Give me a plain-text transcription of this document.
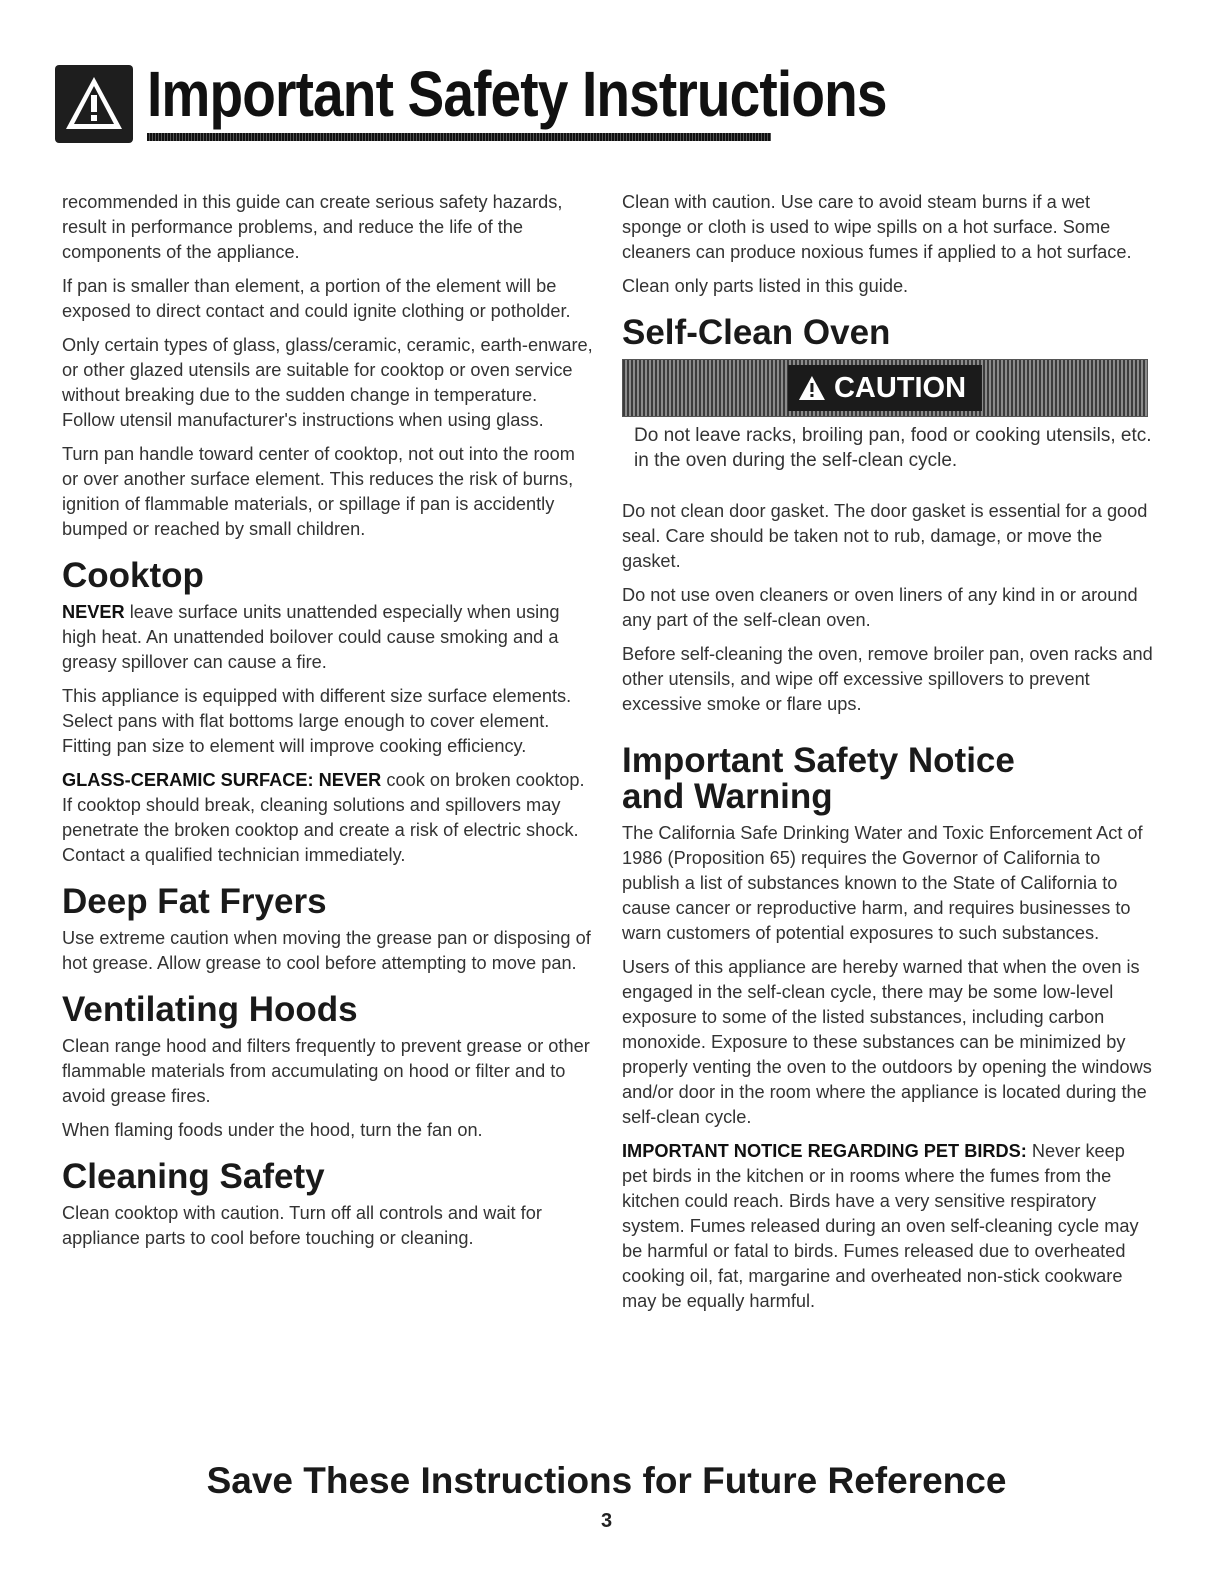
Important Safety Instructions

recommended in this guide can create serious safety hazards, result in performance problems, and reduce the life of the components of the appliance.

If pan is smaller than element, a portion of the element will be exposed to direct contact and could ignite clothing or potholder.

Only certain types of glass, glass/ceramic, ceramic, earth-enware, or other glazed utensils are suitable for cooktop or oven service without breaking due to the sudden change in temperature. Follow utensil manufacturer's instructions when using glass.

Turn pan handle toward center of cooktop, not out into the room or over another surface element. This reduces the risk of burns, ignition of flammable materials, or spillage if pan is accidently bumped or reached by small children.

Cooktop

NEVER leave surface units unattended especially when using high heat. An unattended boilover could cause smoking and a greasy spillover can cause a fire.

This appliance is equipped with different size surface elements. Select pans with flat bottoms large enough to cover element. Fitting pan size to element will improve cooking efficiency.

GLASS-CERAMIC SURFACE: NEVER cook on broken cooktop. If cooktop should break, cleaning solutions and spillovers may penetrate the broken cooktop and create a risk of electric shock. Contact a qualified technician immediately.

Deep Fat Fryers

Use extreme caution when moving the grease pan or disposing of hot grease. Allow grease to cool before attempting to move pan.

Ventilating Hoods

Clean range hood and filters frequently to prevent grease or other flammable materials from accumulating on hood or filter and to avoid grease fires.

When flaming foods under the hood, turn the fan on.

Cleaning Safety

Clean cooktop with caution. Turn off all controls and wait for appliance parts to cool before touching or cleaning.

Clean with caution. Use care to avoid steam burns if a wet sponge or cloth is used to wipe spills on a hot surface. Some cleaners can produce noxious fumes if applied to a hot surface.

Clean only parts listed in this guide.

Self-Clean Oven
CAUTION

Do not leave racks, broiling pan, food or cooking utensils, etc. in the oven during the self-clean cycle.

Do not clean door gasket. The door gasket is essential for a good seal. Care should be taken not to rub, damage, or move the gasket.

Do not use oven cleaners or oven liners of any kind in or around any part of the self-clean oven.

Before self-cleaning the oven, remove broiler pan, oven racks and other utensils, and wipe off excessive spillovers to prevent excessive smoke or flare ups.

Important Safety Notice
and Warning

The California Safe Drinking Water and Toxic Enforcement Act of 1986 (Proposition 65) requires the Governor of California to publish a list of substances known to the State of California to cause cancer or reproductive harm, and requires businesses to warn customers of potential exposures to such substances.

Users of this appliance are hereby warned that when the oven is engaged in the self-clean cycle, there may be some low-level exposure to some of the listed substances, including carbon monoxide. Exposure to these substances can be minimized by properly venting the oven to the outdoors by opening the windows and/or door in the room where the appliance is located during the self-clean cycle.

IMPORTANT NOTICE REGARDING PET BIRDS: Never keep pet birds in the kitchen or in rooms where the fumes from the kitchen could reach. Birds have a very sensitive respiratory system. Fumes released during an oven self-cleaning cycle may be harmful or fatal to birds. Fumes released due to overheated cooking oil, fat, margarine and overheated non-stick cookware may be equally harmful.

Save These Instructions for Future Reference
3
